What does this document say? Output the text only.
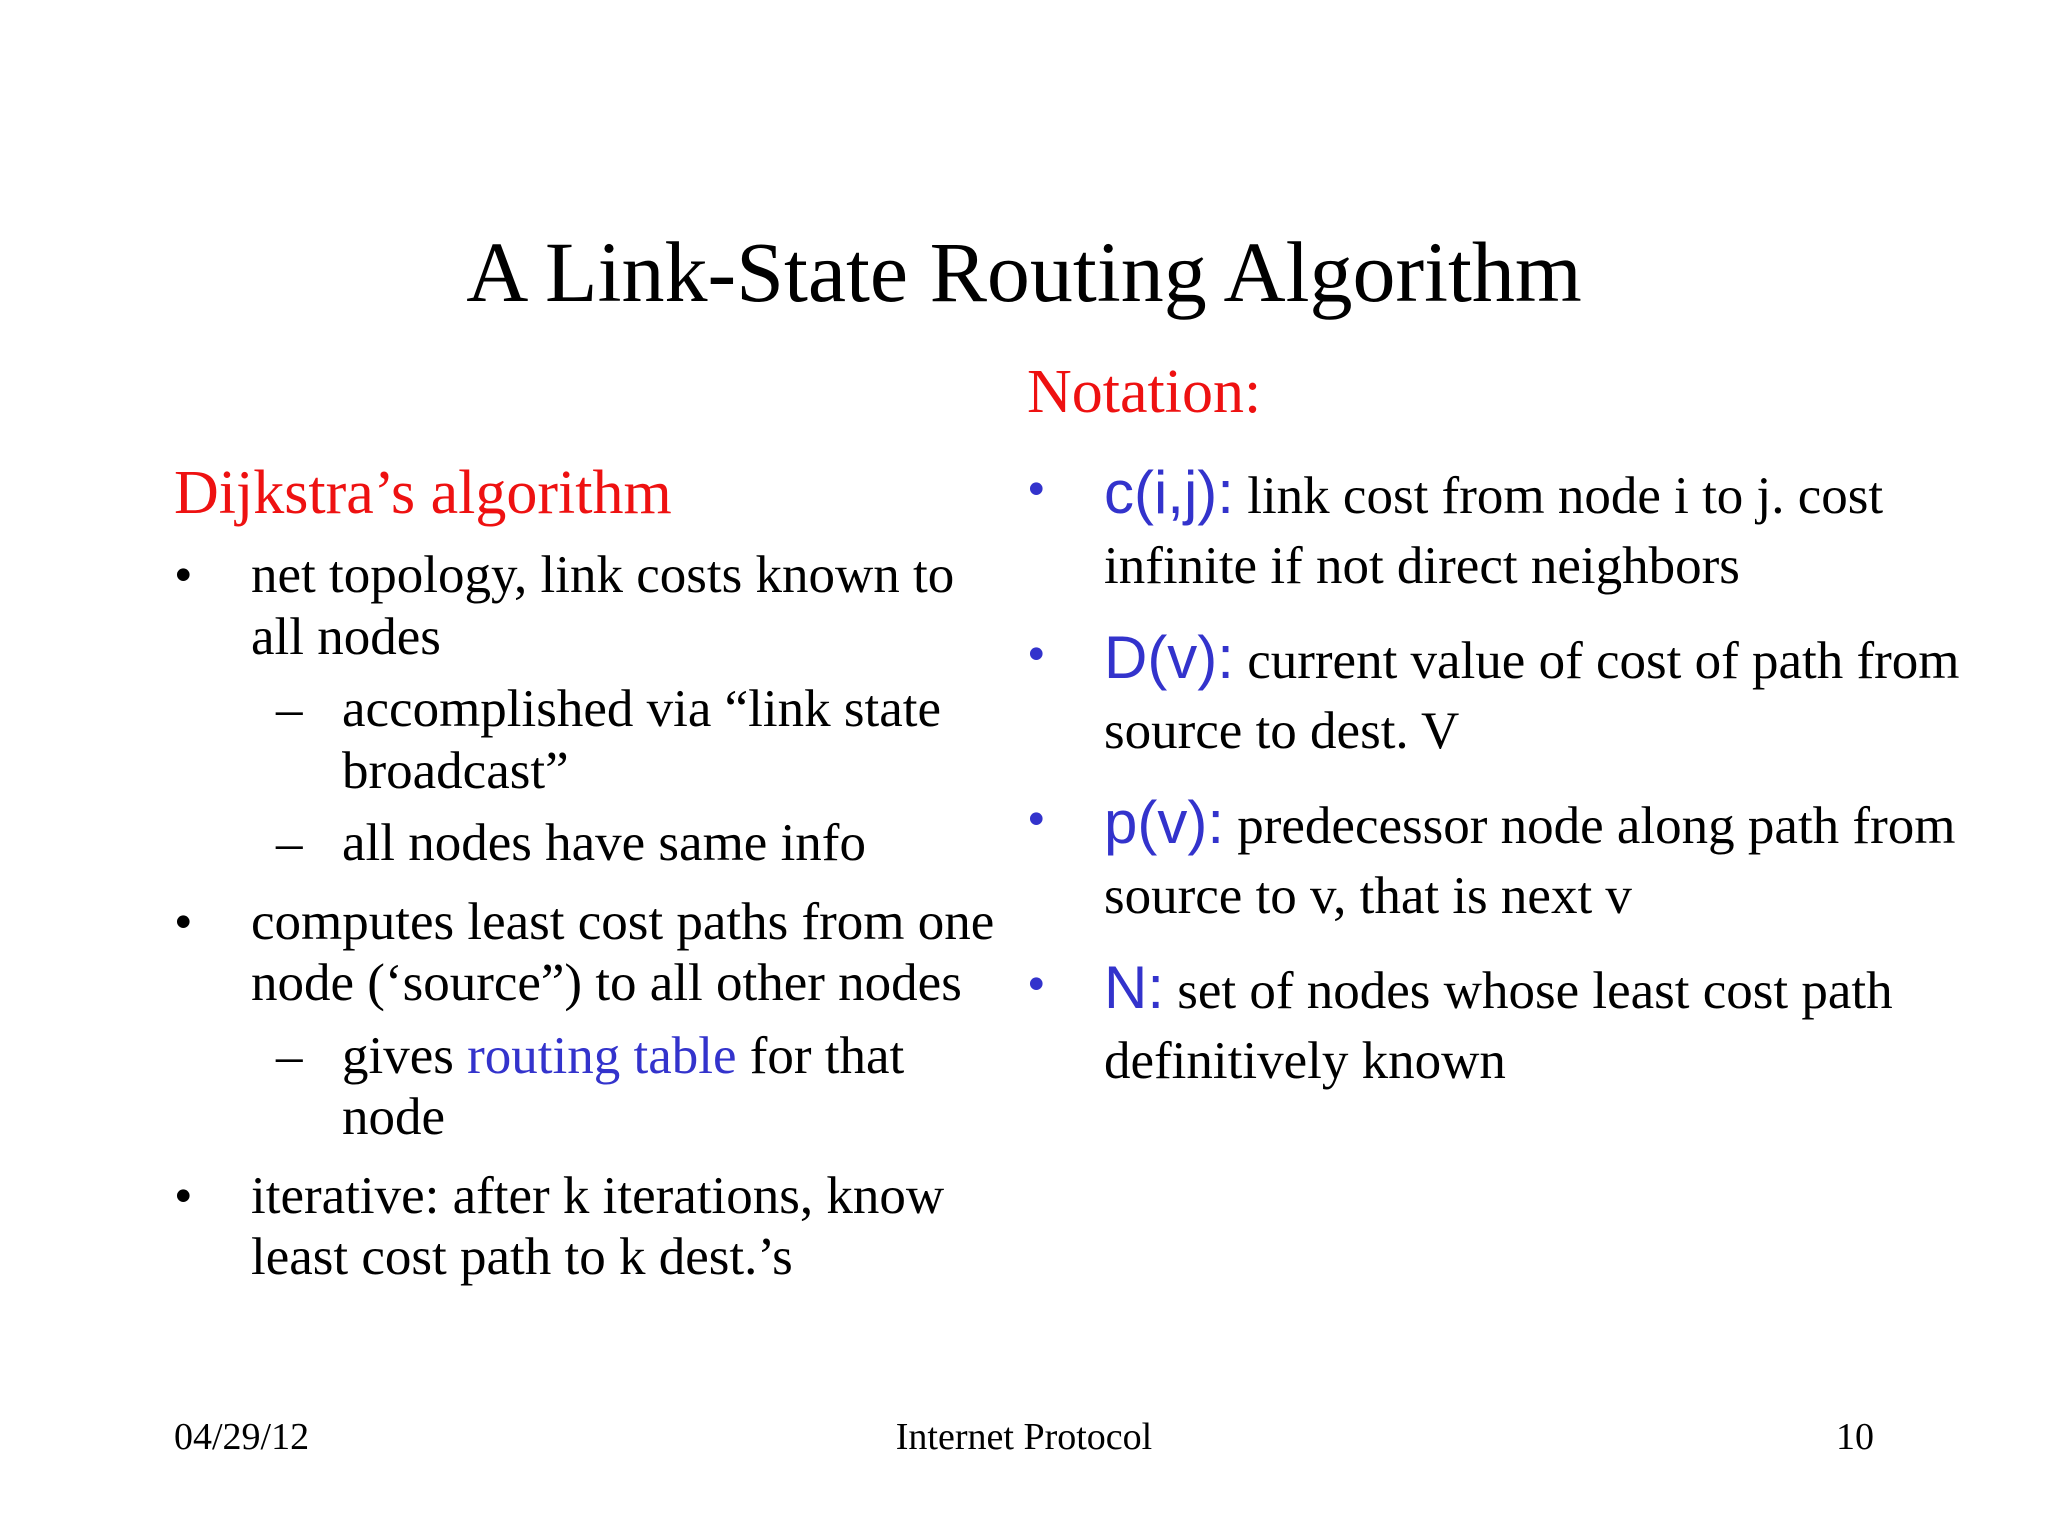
A Link-State Routing Algorithm
Notation:
Dijkstra’s algorithm
• net topology, link costs known to all nodes
– accomplished via “link state broadcast”
– all nodes have same info
• computes least cost paths from one node (‘source”) to all other nodes
– gives routing table for that node
• iterative: after k iterations, know least cost path to k dest.’s
• c(i,j): link cost from node i to j. cost infinite if not direct neighbors
• D(v): current value of cost of path from source to dest. V
• p(v): predecessor node along path from source to v, that is next v
• N: set of nodes whose least cost path definitively known
04/29/12	Internet Protocol	10
